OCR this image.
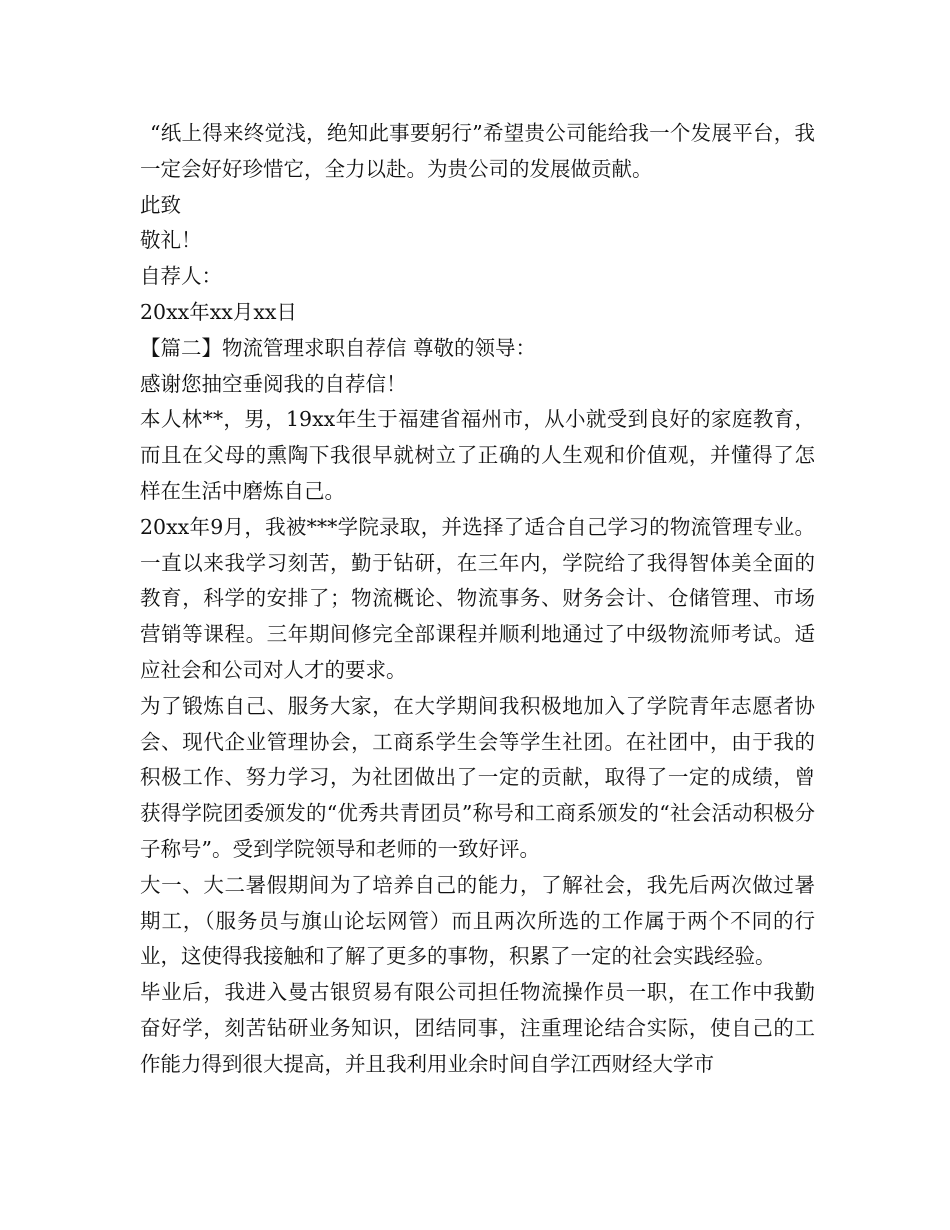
“纸上得来终觉浅，绝知此事要躬行”希望贵公司能给我一个发展平台，我一定会好好珍惜它，全力以赴。为贵公司的发展做贡献。

此致

敬礼！

自荐人：

20xx年xx月xx日

【篇二】物流管理求职自荐信 尊敬的领导：

感谢您抽空垂阅我的自荐信！

本人林**，男，19xx年生于福建省福州市，从小就受到良好的家庭教育，而且在父母的熏陶下我很早就树立了正确的人生观和价值观，并懂得了怎样在生活中磨炼自己。

20xx年9月，我被***学院录取，并选择了适合自己学习的物流管理专业。一直以来我学习刻苦，勤于钻研，在三年内，学院给了我得智体美全面的教育，科学的安排了；物流概论、物流事务、财务会计、仓储管理、市场营销等课程。三年期间修完全部课程并顺利地通过了中级物流师考试。适应社会和公司对人才的要求。

为了锻炼自己、服务大家，在大学期间我积极地加入了学院青年志愿者协会、现代企业管理协会，工商系学生会等学生社团。在社团中，由于我的积极工作、努力学习，为社团做出了一定的贡献，取得了一定的成绩，曾获得学院团委颁发的“优秀共青团员”称号和工商系颁发的“社会活动积极分子称号”。受到学院领导和老师的一致好评。

大一、大二暑假期间为了培养自己的能力，了解社会，我先后两次做过暑期工，（服务员与旗山论坛网管）而且两次所选的工作属于两个不同的行业，这使得我接触和了解了更多的事物，积累了一定的社会实践经验。

毕业后，我进入曼古银贸易有限公司担任物流操作员一职，在工作中我勤奋好学，刻苦钻研业务知识，团结同事，注重理论结合实际，使自己的工作能力得到很大提高，并且我利用业余时间自学江西财经大学市
